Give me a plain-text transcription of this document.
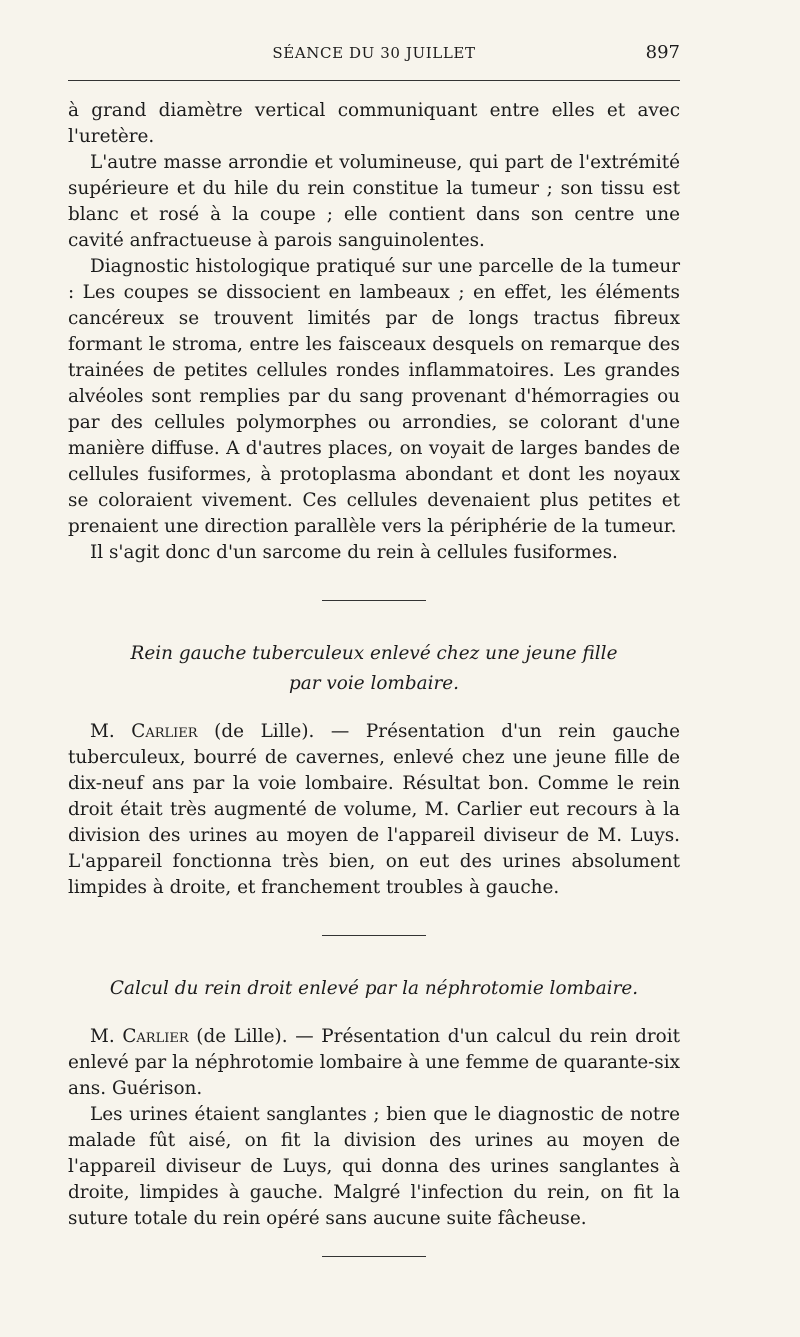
SÉANCE DU 30 JUILLET	897

à grand diamètre vertical communiquant entre elles et avec l'uretère.

L'autre masse arrondie et volumineuse, qui part de l'extrémité supérieure et du hile du rein constitue la tumeur ; son tissu est blanc et rosé à la coupe ; elle contient dans son centre une cavité anfractueuse à parois sanguinolentes.

Diagnostic histologique pratiqué sur une parcelle de la tumeur : Les coupes se dissocient en lambeaux ; en effet, les éléments cancéreux se trouvent limités par de longs tractus fibreux formant le stroma, entre les faisceaux desquels on remarque des trainées de petites cellules rondes inflammatoires. Les grandes alvéoles sont remplies par du sang provenant d'hémorragies ou par des cellules polymorphes ou arrondies, se colorant d'une manière diffuse. A d'autres places, on voyait de larges bandes de cellules fusiformes, à protoplasma abondant et dont les noyaux se coloraient vivement. Ces cellules devenaient plus petites et prenaient une direction parallèle vers la périphérie de la tumeur.

Il s'agit donc d'un sarcome du rein à cellules fusiformes.

Rein gauche tuberculeux enlevé chez une jeune fille
par voie lombaire.

M. Carlier (de Lille). — Présentation d'un rein gauche tuberculeux, bourré de cavernes, enlevé chez une jeune fille de dix-neuf ans par la voie lombaire. Résultat bon. Comme le rein droit était très augmenté de volume, M. Carlier eut recours à la division des urines au moyen de l'appareil diviseur de M. Luys. L'appareil fonctionna très bien, on eut des urines absolument limpides à droite, et franchement troubles à gauche.

Calcul du rein droit enlevé par la néphrotomie lombaire.

M. Carlier (de Lille). — Présentation d'un calcul du rein droit enlevé par la néphrotomie lombaire à une femme de quarante-six ans. Guérison.

Les urines étaient sanglantes ; bien que le diagnostic de notre malade fût aisé, on fit la division des urines au moyen de l'appareil diviseur de Luys, qui donna des urines sanglantes à droite, limpides à gauche. Malgré l'infection du rein, on fit la suture totale du rein opéré sans aucune suite fâcheuse.
